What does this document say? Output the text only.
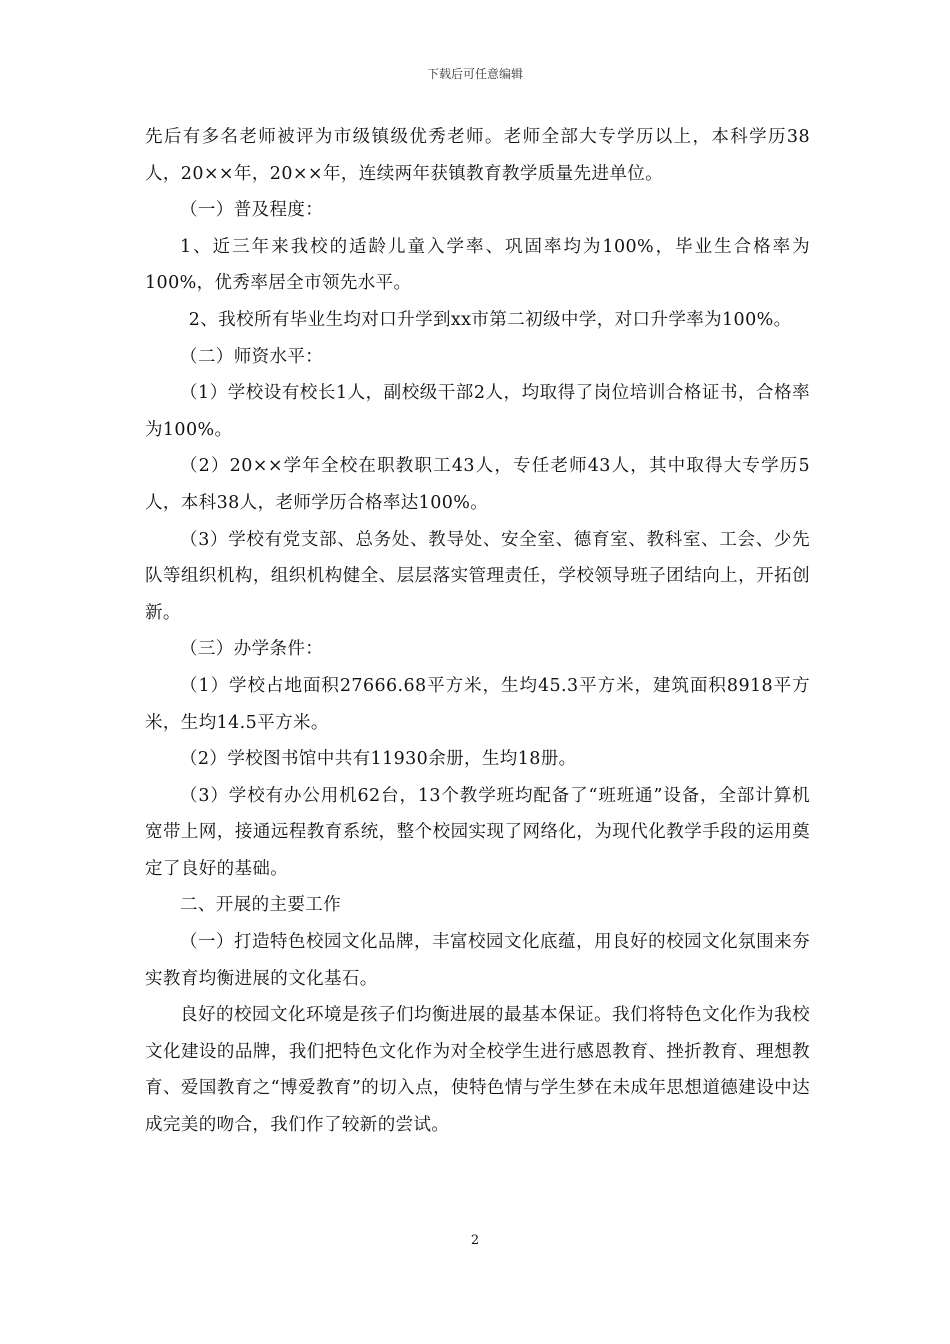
下载后可任意编辑

先后有多名老师被评为市级镇级优秀老师。老师全部大专学历以上，本科学历38人，20××年，20××年，连续两年获镇教育教学质量先进单位。

（一）普及程度：

1、近三年来我校的适龄儿童入学率、巩固率均为100%，毕业生合格率为100%，优秀率居全市领先水平。

2、我校所有毕业生均对口升学到xx市第二初级中学，对口升学率为100%。

（二）师资水平：

（1）学校设有校长1人，副校级干部2人，均取得了岗位培训合格证书，合格率为100%。

（2）20××学年全校在职教职工43人，专任老师43人，其中取得大专学历5人，本科38人，老师学历合格率达100%。

（3）学校有党支部、总务处、教导处、安全室、德育室、教科室、工会、少先队等组织机构，组织机构健全、层层落实管理责任，学校领导班子团结向上，开拓创新。

（三）办学条件：

（1）学校占地面积27666.68平方米，生均45.3平方米，建筑面积8918平方米，生均14.5平方米。

（2）学校图书馆中共有11930余册，生均18册。

（3）学校有办公用机62台，13个教学班均配备了“班班通”设备，全部计算机宽带上网，接通远程教育系统，整个校园实现了网络化，为现代化教学手段的运用奠定了良好的基础。

二、开展的主要工作

（一）打造特色校园文化品牌，丰富校园文化底蕴，用良好的校园文化氛围来夯实教育均衡进展的文化基石。

良好的校园文化环境是孩子们均衡进展的最基本保证。我们将特色文化作为我校文化建设的品牌，我们把特色文化作为对全校学生进行感恩教育、挫折教育、理想教育、爱国教育之“博爱教育”的切入点，使特色情与学生梦在未成年思想道德建设中达成完美的吻合，我们作了较新的尝试。

2
